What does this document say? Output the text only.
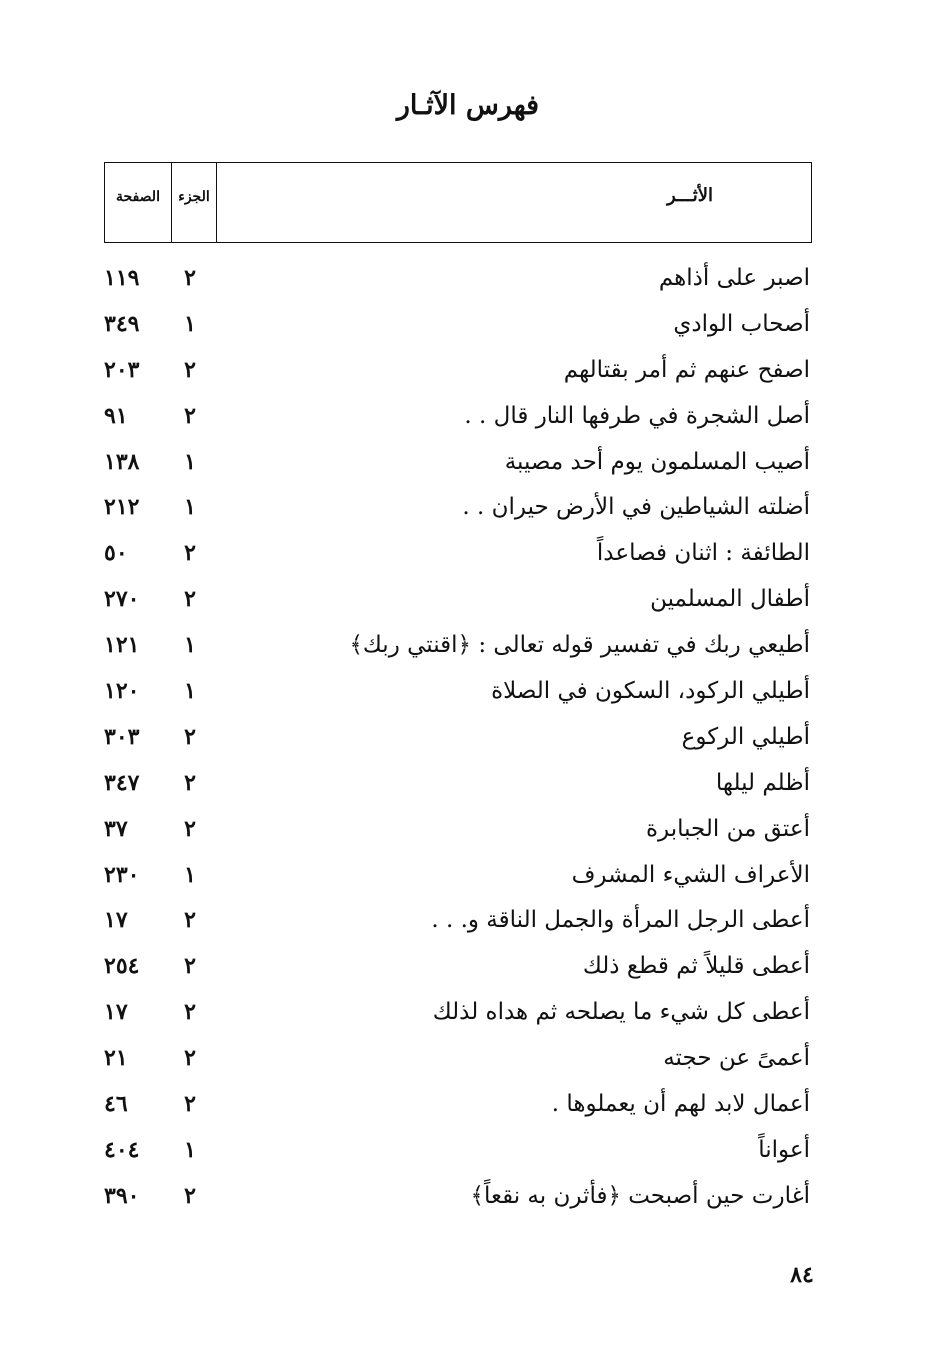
فهرس الآثـار
الصفحة	الجزء	الأثـــر
اصبر على أذاهم
٢
١١٩
أصحاب الوادي
١
٣٤٩
اصفح عنهم ثم أمر بقتالهم
٢
٢٠٣
أصل الشجرة في طرفها النار قال . .
٢
٩١
أصيب المسلمون يوم أحد مصيبة
١
١٣٨
أضلته الشياطين في الأرض حيران . .
١
٢١٢
الطائفة : اثنان فصاعداً
٢
٥٠
أطفال المسلمين
٢
٢٧٠
أطيعي ربك في تفسير قوله تعالى : ﴿اقنتي ربك﴾
١
١٢١
أطيلي الركود، السكون في الصلاة
١
١٢٠
أطيلي الركوع
٢
٣٠٣
أظلم ليلها
٢
٣٤٧
أعتق من الجبابرة
٢
٣٧
الأعراف الشيء المشرف
١
٢٣٠
أعطى الرجل المرأة والجمل الناقة و. . .
٢
١٧
أعطى قليلاً ثم قطع ذلك
٢
٢٥٤
أعطى كل شيء ما يصلحه ثم هداه لذلك
٢
١٧
أعمىً عن حجته
٢
٢١
أعمال لابد لهم أن يعملوها .
٢
٤٦
أعواناً
١
٤٠٤
أغارت حين أصبحت ﴿فأثرن به نقعاً﴾
٢
٣٩٠
٨٤
